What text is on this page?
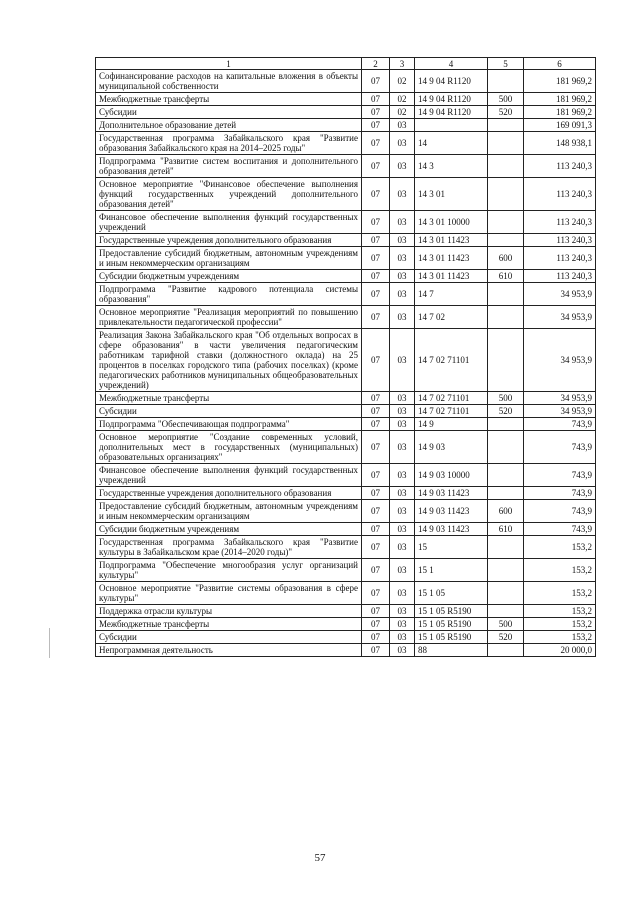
1	2	3	4	5	6
Софинансирование расходов на капитальные вложения в объекты муниципальной собственности	07	02	14 9 04 R1120		181 969,2
Межбюджетные трансферты	07	02	14 9 04 R1120	500	181 969,2
Субсидии	07	02	14 9 04 R1120	520	181 969,2
Дополнительное образование детей	07	03			169 091,3
Государственная программа Забайкальского края "Развитие образования Забайкальского края на 2014–2025 годы"	07	03	14		148 938,1
Подпрограмма "Развитие систем воспитания и дополнительного образования детей"	07	03	14 3		113 240,3
Основное мероприятие "Финансовое обеспечение выполнения функций государственных учреждений дополнительного образования детей"	07	03	14 3 01		113 240,3
Финансовое обеспечение выполнения функций государственных учреждений	07	03	14 3 01 10000		113 240,3
Государственные учреждения дополнительного образования	07	03	14 3 01 11423		113 240,3
Предоставление субсидий бюджетным, автономным учреждениям и иным некоммерческим организациям	07	03	14 3 01 11423	600	113 240,3
Субсидии бюджетным учреждениям	07	03	14 3 01 11423	610	113 240,3
Подпрограмма "Развитие кадрового потенциала системы образования"	07	03	14 7		34 953,9
Основное мероприятие "Реализация мероприятий по повышению привлекательности педагогической профессии"	07	03	14 7 02		34 953,9
Реализация Закона Забайкальского края "Об отдельных вопросах в сфере образования" в части увеличения педагогическим работникам тарифной ставки (должностного оклада) на 25 процентов в поселках городского типа (рабочих поселках) (кроме педагогических работников муниципальных общеобразовательных учреждений)	07	03	14 7 02 71101		34 953,9
Межбюджетные трансферты	07	03	14 7 02 71101	500	34 953,9
Субсидии	07	03	14 7 02 71101	520	34 953,9
Подпрограмма "Обеспечивающая подпрограмма"	07	03	14 9		743,9
Основное мероприятие "Создание современных условий, дополнительных мест в государственных (муниципальных) образовательных организациях"	07	03	14 9 03		743,9
Финансовое обеспечение выполнения функций государственных учреждений	07	03	14 9 03 10000		743,9
Государственные учреждения дополнительного образования	07	03	14 9 03 11423		743,9
Предоставление субсидий бюджетным, автономным учреждениям и иным некоммерческим организациям	07	03	14 9 03 11423	600	743,9
Субсидии бюджетным учреждениям	07	03	14 9 03 11423	610	743,9
Государственная программа Забайкальского края "Развитие культуры в Забайкальском крае (2014–2020 годы)"	07	03	15		153,2
Подпрограмма "Обеспечение многообразия услуг организаций культуры"	07	03	15 1		153,2
Основное мероприятие "Развитие системы образования в сфере культуры"	07	03	15 1 05		153,2
Поддержка отрасли культуры	07	03	15 1 05 R5190		153,2
Межбюджетные трансферты	07	03	15 1 05 R5190	500	153,2
Субсидии	07	03	15 1 05 R5190	520	153,2
Непрограммная деятельность	07	03	88		20 000,0
57
